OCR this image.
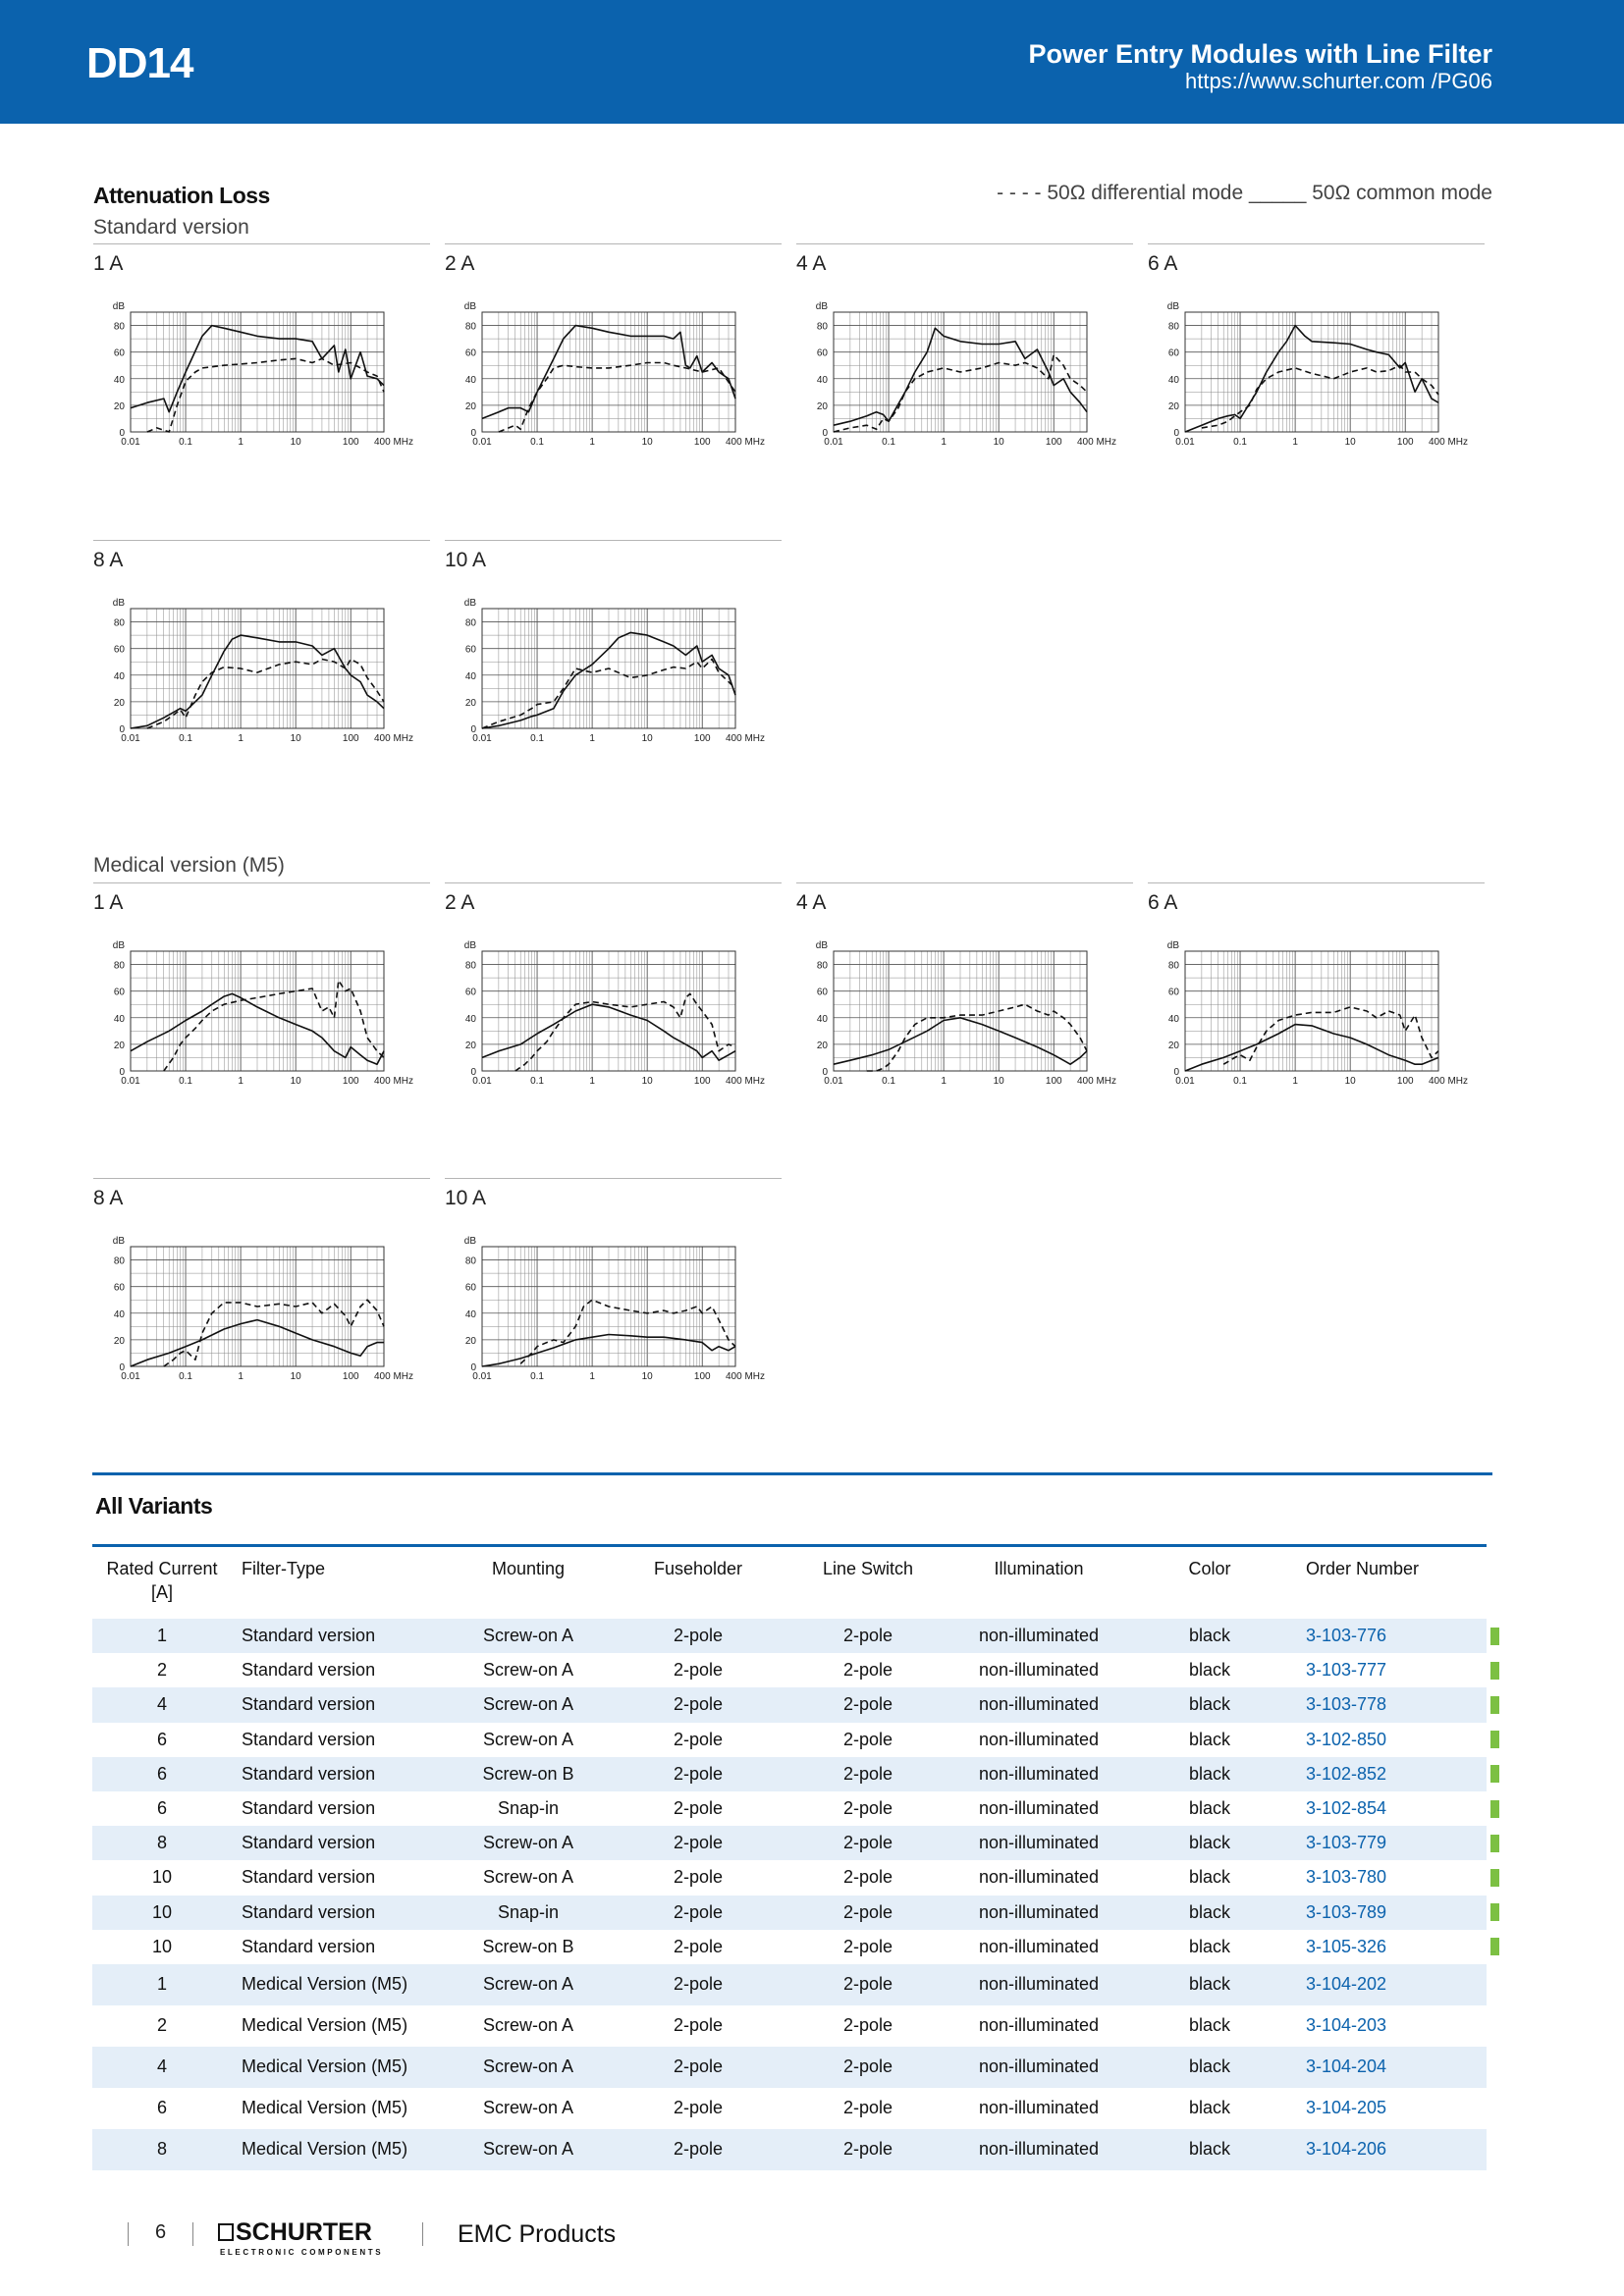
DD14	Power Entry Modules with Line Filter
https://www.schurter.com /PG06
Attenuation Loss	- - - - 50Ω differential mode _____ 50Ω common mode
Standard version
Medical version (M5)
1 A
dB
80
60
40
20
0
0.01	0.1	1	10	100 400 MHz
2 A
dB
80
60
40
20
0
0.01	0.1	1	10	100 400 MHz
4 A
dB
80
60
40
20
0
0.01	0.1	1	10	100 400 MHz
6 A
dB
80
60
40
20
0
0.01	0.1	1	10	100 400 MHz
8 A
dB
80
60
40
20
0
0.01	0.1	1	10	100 400 MHz
10 A
dB
80
60
40
20
0
0.01	0.1	1	10	100 400 MHz
1 A
dB
80
60
40
20
0
0.01	0.1	1	10	100 400 MHz
2 A
dB
80
60
40
20
0
0.01	0.1	1	10	100 400 MHz
4 A
dB
80
60
40
20
0
0.01	0.1	1	10	100 400 MHz
6 A
dB
80
60
40
20
0
0.01	0.1	1	10	100 400 MHz
8 A
dB
80
60
40
20
0
0.01	0.1	1	10	100 400 MHz
10 A
dB
80
60
40
20
0
0.01	0.1	1	10	100 400 MHz
All Variants
Rated Current
[A]	Filter-Type	Mounting	Fuseholder	Line Switch	Illumination	Color	Order Number
1	Standard version	Screw-on A	2-pole	2-pole	non-illuminated	black	3-103-776
2	Standard version	Screw-on A	2-pole	2-pole	non-illuminated	black	3-103-777
4	Standard version	Screw-on A	2-pole	2-pole	non-illuminated	black	3-103-778
6	Standard version	Screw-on A	2-pole	2-pole	non-illuminated	black	3-102-850
6	Standard version	Screw-on B	2-pole	2-pole	non-illuminated	black	3-102-852
6	Standard version	Snap-in	2-pole	2-pole	non-illuminated	black	3-102-854
8	Standard version	Screw-on A	2-pole	2-pole	non-illuminated	black	3-103-779
10	Standard version	Screw-on A	2-pole	2-pole	non-illuminated	black	3-103-780
10	Standard version	Snap-in	2-pole	2-pole	non-illuminated	black	3-103-789
10	Standard version	Screw-on B	2-pole	2-pole	non-illuminated	black	3-105-326
1	Medical Version (M5)	Screw-on A	2-pole	2-pole	non-illuminated	black	3-104-202
2	Medical Version (M5)	Screw-on A	2-pole	2-pole	non-illuminated	black	3-104-203
4	Medical Version (M5)	Screw-on A	2-pole	2-pole	non-illuminated	black	3-104-204
6	Medical Version (M5)	Screw-on A	2-pole	2-pole	non-illuminated	black	3-104-205
8	Medical Version (M5)	Screw-on A	2-pole	2-pole	non-illuminated	black	3-104-206
6	SCHURTER
ELECTRONIC COMPONENTS
EMC Products
